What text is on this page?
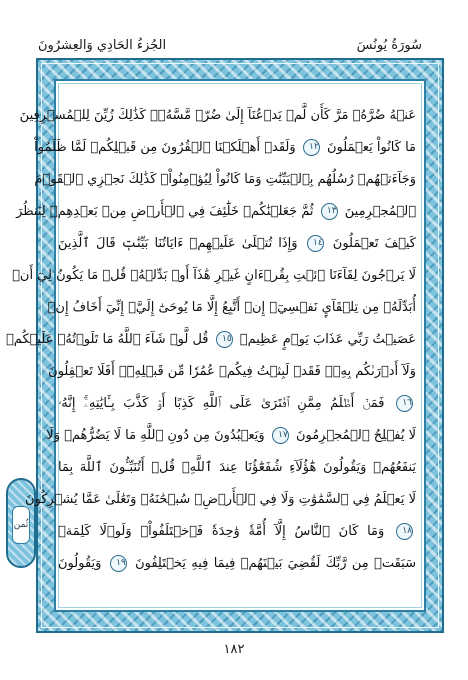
سُورَةُ يُونُسَ
الجُزءُ الحَادِي وَالعِشرُونَ
ثُمن
عَنۡهُ ضُرَّهُۥ مَرَّ كَأَن لَّمۡ يَدۡعُنَآ إِلَىٰ ضُرّٖ مَّسَّهُۥۚ كَذَٰلِكَ زُيِّنَ لِلۡمُسۡرِفِينَ
مَا كَانُواْ يَعۡمَلُونَ ١٢ وَلَقَدۡ أَهۡلَكۡنَا ٱلۡقُرُونَ مِن قَبۡلِكُمۡ لَمَّا ظَلَمُواْ
وَجَآءَتۡهُمۡ رُسُلُهُم بِٱلۡبَيِّنَٰتِ وَمَا كَانُواْ لِيُؤۡمِنُواْۚ كَذَٰلِكَ نَجۡزِي ٱلۡقَوۡمَ
ٱلۡمُجۡرِمِينَ ١٣ ثُمَّ جَعَلۡنَٰكُمۡ خَلَٰٓئِفَ فِي ٱلۡأَرۡضِ مِنۢ بَعۡدِهِمۡ لِنَنظُرَ
كَيۡفَ تَعۡمَلُونَ ١٤ وَإِذَا تُتۡلَىٰ عَلَيۡهِمۡ ءَايَاتُنَا بَيِّنَٰتٖ قَالَ ٱلَّذِينَ
لَا يَرۡجُونَ لِقَآءَنَا ٱئۡتِ بِقُرۡءَانٍ غَيۡرِ هَٰذَآ أَوۡ بَدِّلۡهُۚ قُلۡ مَا يَكُونُ لِيٓ أَنۡ
أُبَدِّلَهُۥ مِن تِلۡقَآيِٕ نَفۡسِيٓۖ إِنۡ أَتَّبِعُ إِلَّا مَا يُوحَىٰٓ إِلَيَّۖ إِنِّيٓ أَخَافُ إِنۡ
عَصَيۡتُ رَبِّي عَذَابَ يَوۡمٍ عَظِيمٖ ١٥ قُل لَّوۡ شَآءَ ٱللَّهُ مَا تَلَوۡتُهُۥ عَلَيۡكُمۡ
وَلَآ أَدۡرَىٰكُم بِهِۦۖ فَقَدۡ لَبِثۡتُ فِيكُمۡ عُمُرٗا مِّن قَبۡلِهِۦٓۚ أَفَلَا تَعۡقِلُونَ
١٦ فَمَنۡ أَظۡلَمُ مِمَّنِ ٱفۡتَرَىٰ عَلَى ٱللَّهِ كَذِبًا أَوۡ كَذَّبَ بِـَٔايَٰتِهِۦٓۚ إِنَّهُۥ
لَا يُفۡلِحُ ٱلۡمُجۡرِمُونَ ١٧ وَيَعۡبُدُونَ مِن دُونِ ٱللَّهِ مَا لَا يَضُرُّهُمۡ وَلَا
يَنفَعُهُمۡ وَيَقُولُونَ هَٰٓؤُلَآءِ شُفَعَٰٓؤُنَا عِندَ ٱللَّهِۚ قُلۡ أَتُنَبِّـُٔونَ ٱللَّهَ بِمَا
لَا يَعۡلَمُ فِي ٱلسَّمَٰوَٰتِ وَلَا فِي ٱلۡأَرۡضِۚ سُبۡحَٰنَهُۥ وَتَعَٰلَىٰ عَمَّا يُشۡرِكُونَ
١٨ وَمَا كَانَ ٱلنَّاسُ إِلَّآ أُمَّةٗ وَٰحِدَةٗ فَٱخۡتَلَفُواْۚ وَلَوۡلَا كَلِمَةٞ
سَبَقَتۡ مِن رَّبِّكَ لَقُضِيَ بَيۡنَهُمۡ فِيمَا فِيهِ يَخۡتَلِفُونَ ١٩ وَيَقُولُونَ
١٨٢
